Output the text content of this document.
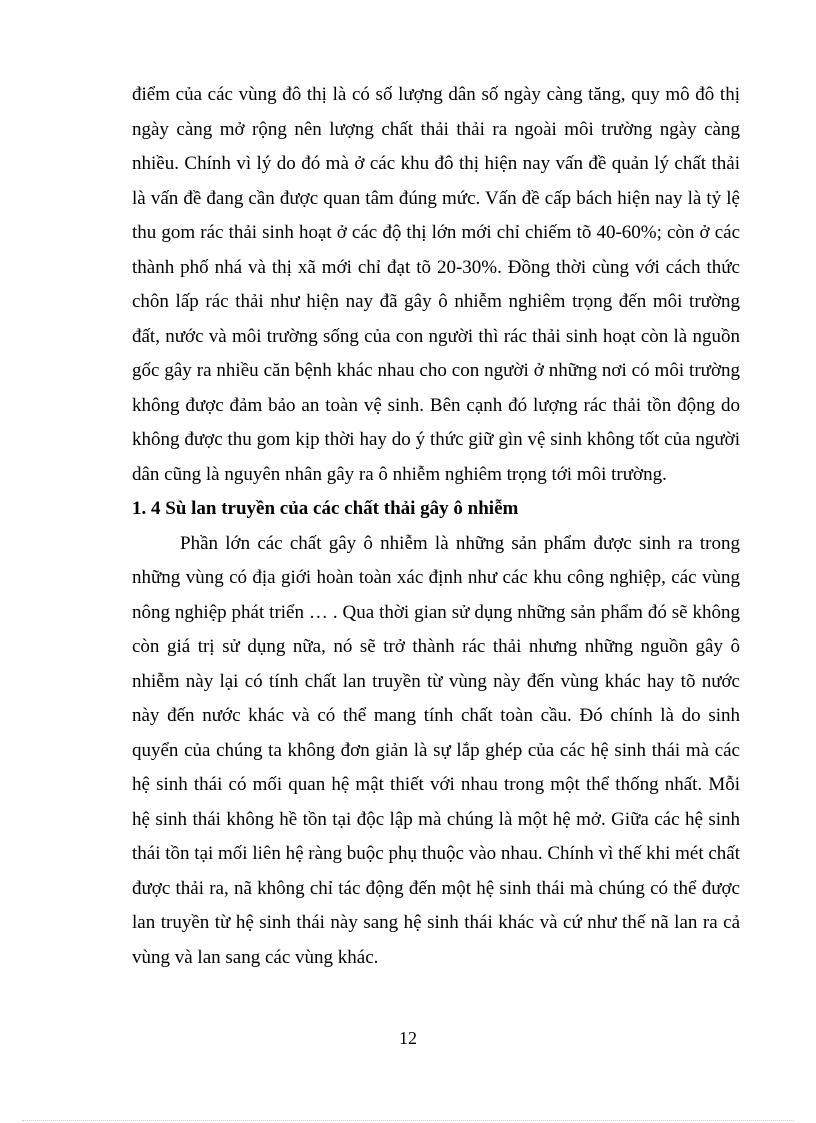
điểm của các vùng đô thị là có số lượng dân số ngày càng tăng, quy mô đô thị ngày càng mở rộng nên lượng chất thải thải ra ngoài môi trường ngày càng nhiều. Chính vì lý do đó mà ở các khu đô thị hiện nay vấn đề quản lý chất thải là vấn đề đang cần được quan tâm đúng mức. Vấn đề cấp bách hiện nay là tỷ lệ thu gom rác thải sinh hoạt ở các độ thị lớn mới chỉ chiếm tõ 40-60%; còn ở các thành phố nhá và thị xã mới chỉ đạt tõ 20-30%. Đồng thời cùng với cách thức chôn lấp rác thải như hiện nay đã gây ô nhiễm nghiêm trọng đến môi trường đất, nước và môi trường sống của con người thì rác thải sinh hoạt còn là nguồn gốc gây ra nhiều căn bệnh khác nhau cho con người ở những nơi có môi trường không được đảm bảo an toàn vệ sinh. Bên cạnh đó lượng rác thải tồn động do không được thu gom kịp thời hay do ý thức giữ gìn vệ sinh không tốt của người dân cũng là nguyên nhân gây ra ô nhiễm nghiêm trọng tới môi trường.

1. 4 Sù lan truyền của các chất thải gây ô nhiễm

Phần lớn các chất gây ô nhiễm là những sản phẩm được sinh ra trong những vùng có địa giới hoàn toàn xác định như các khu công nghiệp, các vùng nông nghiệp phát triển … . Qua thời gian sử dụng những sản phẩm đó sẽ không còn giá trị sử dụng nữa, nó sẽ trở thành rác thải nhưng những nguồn gây ô nhiễm này lại có tính chất lan truyền từ vùng này đến vùng khác hay tõ nước này đến nước khác và có thể mang tính chất toàn cầu. Đó chính là do sinh quyển của chúng ta không đơn giản là sự lắp ghép của các hệ sinh thái mà các hệ sinh thái có mối quan hệ mật thiết với nhau trong một thể thống nhất. Mỗi hệ sinh thái không hề tồn tại độc lập mà chúng là một hệ mở. Giữa các hệ sinh thái tồn tại mối liên hệ ràng buộc phụ thuộc vào nhau. Chính vì thế khi mét chất được thải ra, nã không chỉ tác động đến một hệ sinh thái mà chúng có thể được lan truyền từ hệ sinh thái này sang hệ sinh thái khác và cứ như thế nã lan ra cả vùng và lan sang các vùng khác.

12
